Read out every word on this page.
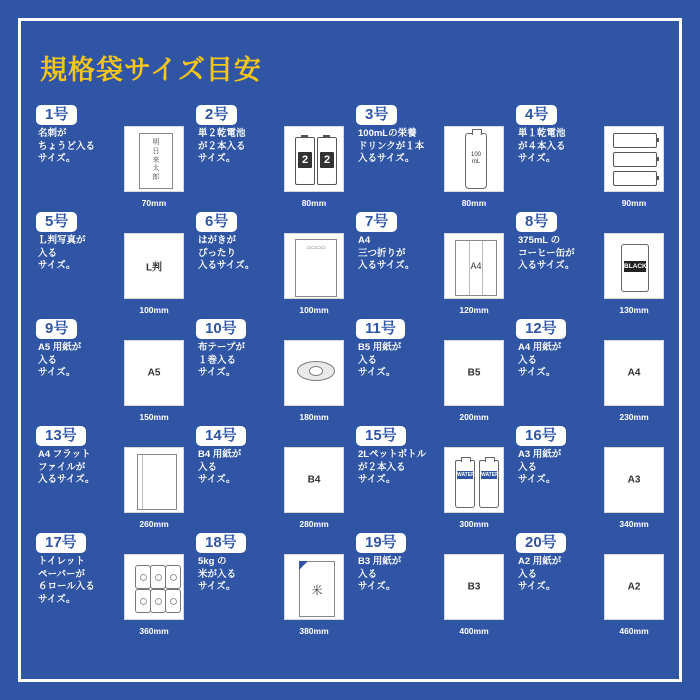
規格袋サイズ目安
1号
名刺が
ちょうど入る
サイズ。
明
日
来
太
郎
70mm
2号
単２乾電池
が２本入る
サイズ。	2	2
80mm
3号
100mLの栄養
ドリンクが１本
入るサイズ。	100
mL
80mm
4号
単１乾電池
が４本入る
サイズ。
90mm
5号
Ｌ判写真が
入る
サイズ。	L判
100mm
6号
はがきが
ぴったり
入るサイズ。
▭▭▭▭
100mm
7号
A4
三つ折りが
入るサイズ。	A4
120mm
8号
375mL の
コーヒー缶が
入るサイズ。	BLACK
130mm
9号
A5 用紙が
入る
サイズ。	A5
150mm
10号
布テープが
１巻入る
サイズ。
180mm
11号
B5 用紙が
入る
サイズ。	B5
200mm
12号
A4 用紙が
入る
サイズ。	A4
230mm
13号
A4 フラット
ファイルが
入るサイズ。
260mm
14号
B4 用紙が
入る
サイズ。	B4
280mm
15号
2Lペットボトル
が２本入る
サイズ。	WATER WATER
300mm
16号
A3 用紙が
入る
サイズ。	A3
340mm
17号
トイレット
ペーパーが
６ロール入る
サイズ。
360mm
18号
5kg の
米が入る
サイズ。	米
380mm
19号
B3 用紙が
入る
サイズ。	B3
400mm
20号
A2 用紙が
入る
サイズ。	A2
460mm
